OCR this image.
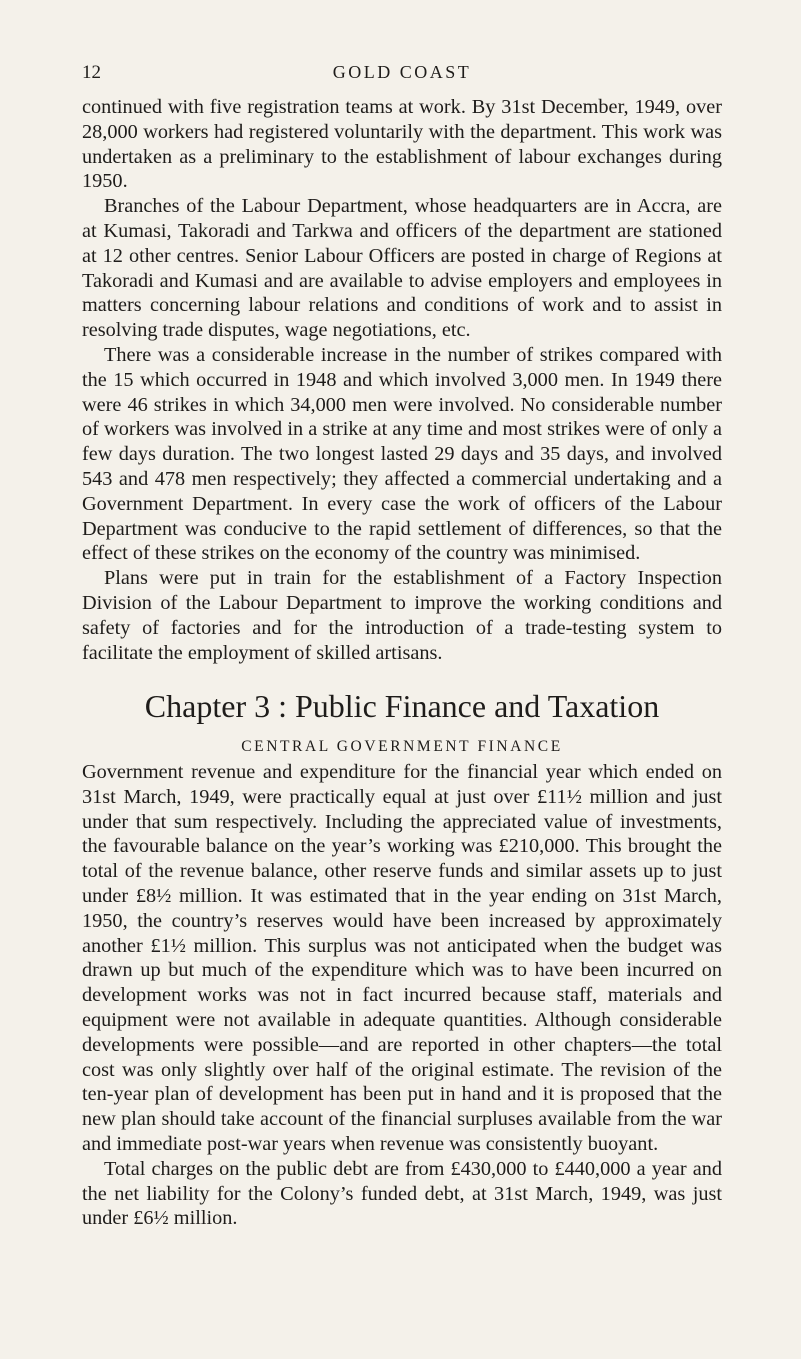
12	GOLD COAST

continued with five registration teams at work. By 31st December, 1949, over 28,000 workers had registered voluntarily with the department. This work was undertaken as a preliminary to the establishment of labour exchanges during 1950.

Branches of the Labour Department, whose headquarters are in Accra, are at Kumasi, Takoradi and Tarkwa and officers of the department are stationed at 12 other centres. Senior Labour Officers are posted in charge of Regions at Takoradi and Kumasi and are available to advise employers and employees in matters concerning labour relations and conditions of work and to assist in resolving trade disputes, wage negotiations, etc.

There was a considerable increase in the number of strikes compared with the 15 which occurred in 1948 and which involved 3,000 men. In 1949 there were 46 strikes in which 34,000 men were involved. No considerable number of workers was involved in a strike at any time and most strikes were of only a few days duration. The two longest lasted 29 days and 35 days, and involved 543 and 478 men respectively; they affected a commercial undertaking and a Government Department. In every case the work of officers of the Labour Department was conducive to the rapid settlement of differences, so that the effect of these strikes on the economy of the country was minimised.

Plans were put in train for the establishment of a Factory Inspection Division of the Labour Department to improve the working conditions and safety of factories and for the introduction of a trade-testing system to facilitate the employment of skilled artisans.

Chapter 3 : Public Finance and Taxation
CENTRAL GOVERNMENT FINANCE

Government revenue and expenditure for the financial year which ended on 31st March, 1949, were practically equal at just over £11½ million and just under that sum respectively. Including the appreciated value of investments, the favourable balance on the year’s working was £210,000. This brought the total of the revenue balance, other reserve funds and similar assets up to just under £8½ million. It was estimated that in the year ending on 31st March, 1950, the country’s reserves would have been increased by approximately another £1½ million. This surplus was not anticipated when the budget was drawn up but much of the expenditure which was to have been incurred on development works was not in fact incurred because staff, materials and equipment were not available in adequate quantities. Although considerable developments were possible—and are reported in other chapters—the total cost was only slightly over half of the original estimate. The revision of the ten-year plan of development has been put in hand and it is proposed that the new plan should take account of the financial surpluses available from the war and immediate post-war years when revenue was consistently buoyant.

Total charges on the public debt are from £430,000 to £440,000 a year and the net liability for the Colony’s funded debt, at 31st March, 1949, was just under £6½ million.
